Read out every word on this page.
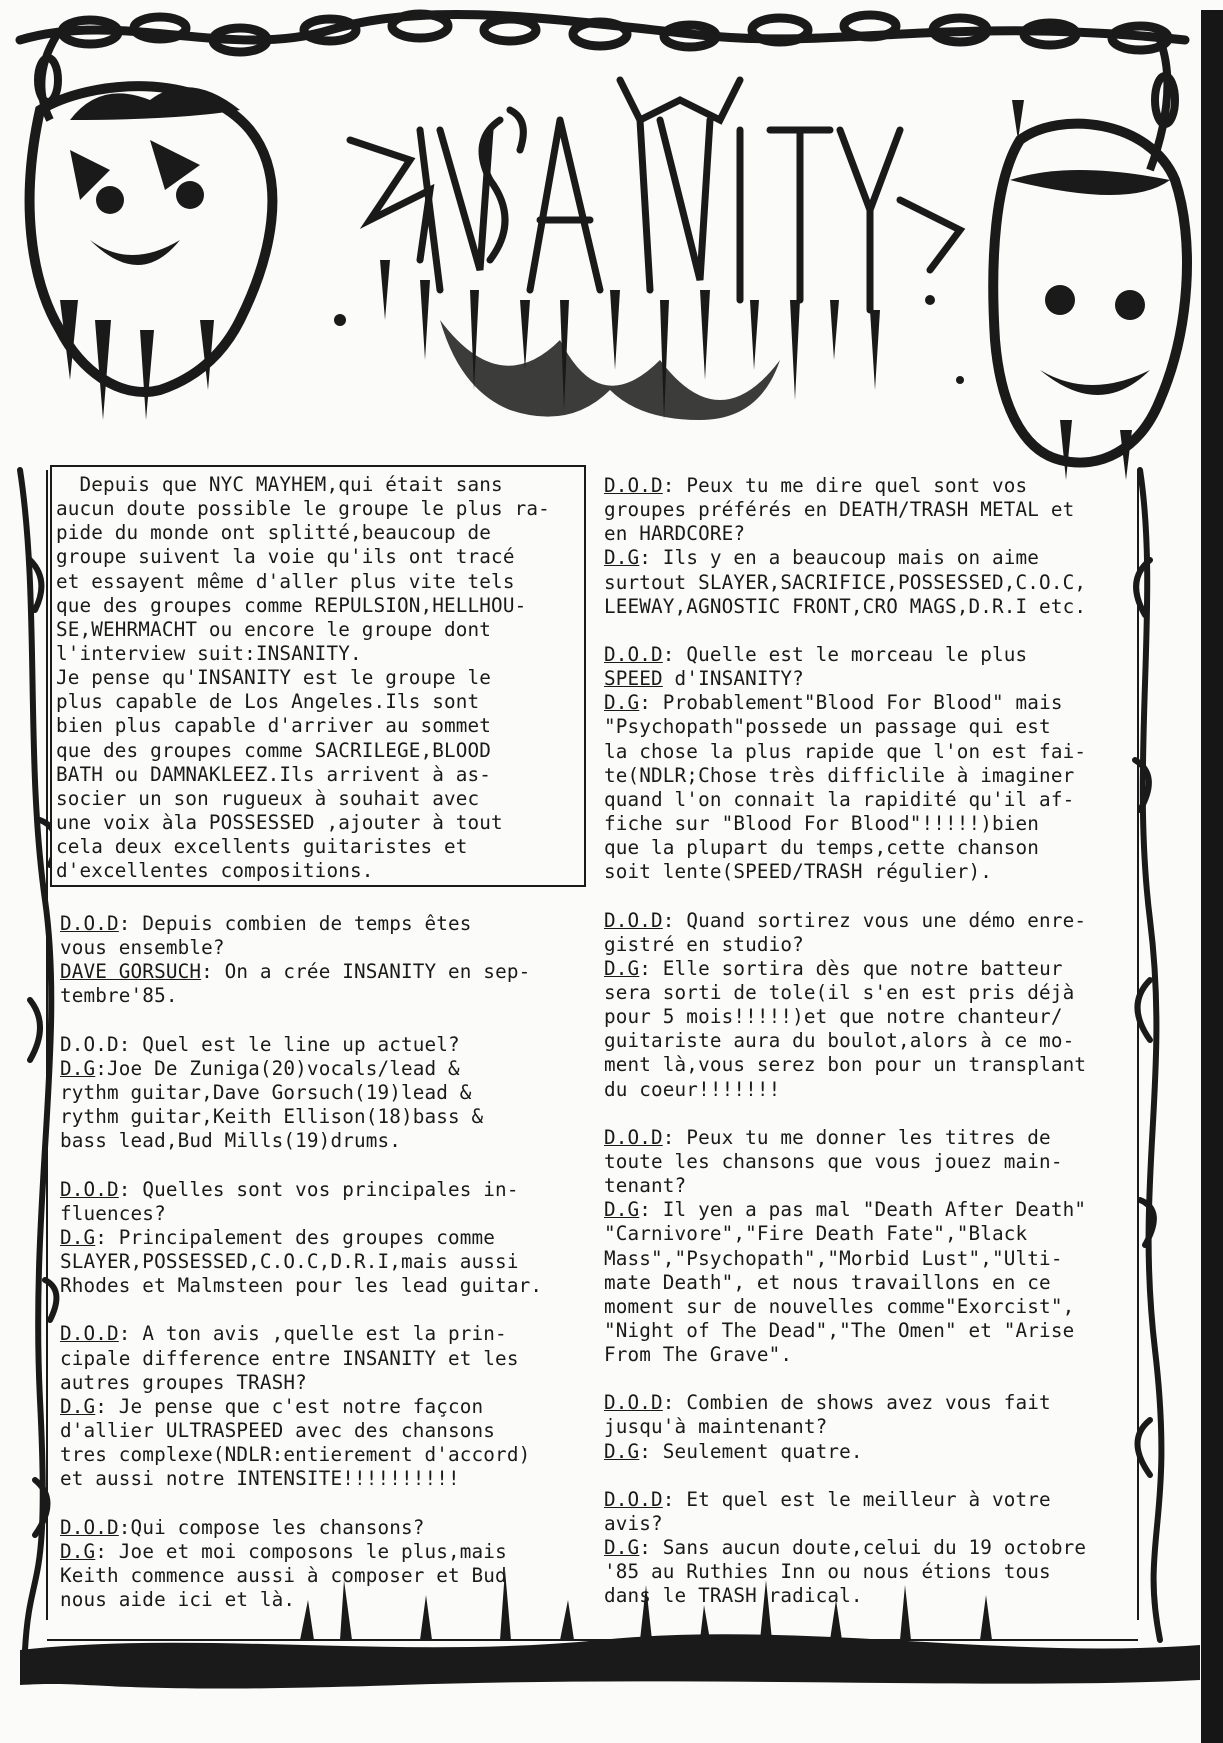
Depuis que NYC MAYHEM,qui était sans
aucun doute possible le groupe le plus ra-
pide du monde ont splitté,beaucoup de
groupe suivent la voie qu'ils ont tracé
et essayent même d'aller plus vite tels
que des groupes comme REPULSION,HELLHOU-
SE,WEHRMACHT ou encore le groupe dont
l'interview suit:INSANITY.
Je pense qu'INSANITY est le groupe le
plus capable de Los Angeles.Ils sont
bien plus capable d'arriver au sommet
que des groupes comme SACRILEGE,BLOOD
BATH ou DAMNAKLEEZ.Ils arrivent à as-
socier un son rugueux à souhait avec
une voix àla POSSESSED ,ajouter à tout
cela deux excellents guitaristes et
d'excellentes compositions.
D.O.D: Depuis combien de temps êtes
vous ensemble?
DAVE GORSUCH: On a crée INSANITY en sep-
tembre'85.
D.O.D: Quel est le line up actuel?
D.G:Joe De Zuniga(20)vocals/lead &
rythm guitar,Dave Gorsuch(19)lead &
rythm guitar,Keith Ellison(18)bass &
bass lead,Bud Mills(19)drums.
D.O.D: Quelles sont vos principales in-
fluences?
D.G: Principalement des groupes comme
SLAYER,POSSESSED,C.O.C,D.R.I,mais aussi
Rhodes et Malmsteen pour les lead guitar.
D.O.D: A ton avis ,quelle est la prin-
cipale difference entre INSANITY et les
autres groupes TRASH?
D.G: Je pense que c'est notre façcon
d'allier ULTRASPEED avec des chansons
tres complexe(NDLR:entierement d'accord)
et aussi notre INTENSITE!!!!!!!!!!
D.O.D:Qui compose les chansons?
D.G: Joe et moi composons le plus,mais
Keith commence aussi à composer et Bud
nous aide ici et là.
D.O.D: Peux tu me dire quel sont vos
groupes préférés en DEATH/TRASH METAL et
en HARDCORE?
D.G: Ils y en a beaucoup mais on aime
surtout SLAYER,SACRIFICE,POSSESSED,C.O.C,
LEEWAY,AGNOSTIC FRONT,CRO MAGS,D.R.I etc.
D.O.D: Quelle est le morceau le plus
SPEED d'INSANITY?
D.G: Probablement"Blood For Blood" mais
"Psychopath"possede un passage qui est
la chose la plus rapide que l'on est fai-
te(NDLR;Chose très difficlile à imaginer
quand l'on connait la rapidité qu'il af-
fiche sur "Blood For Blood"!!!!!)bien
que la plupart du temps,cette chanson
soit lente(SPEED/TRASH régulier).
D.O.D: Quand sortirez vous une démo enre-
gistré en studio?
D.G: Elle sortira dès que notre batteur
sera sorti de tole(il s'en est pris déjà
pour 5 mois!!!!!)et que notre chanteur/
guitariste aura du boulot,alors à ce mo-
ment là,vous serez bon pour un transplant
du coeur!!!!!!!
D.O.D: Peux tu me donner les titres de
toute les chansons que vous jouez main-
tenant?
D.G: Il yen a pas mal "Death After Death"
"Carnivore","Fire Death Fate","Black
Mass","Psychopath","Morbid Lust","Ulti-
mate Death", et nous travaillons en ce
moment sur de nouvelles comme"Exorcist",
"Night of The Dead","The Omen" et "Arise
From The Grave".
D.O.D: Combien de shows avez vous fait
jusqu'à maintenant?
D.G: Seulement quatre.
D.O.D: Et quel est le meilleur à votre
avis?
D.G: Sans aucun doute,celui du 19 octobre
'85 au Ruthies Inn ou nous étions tous
dans le TRASH radical.
15
